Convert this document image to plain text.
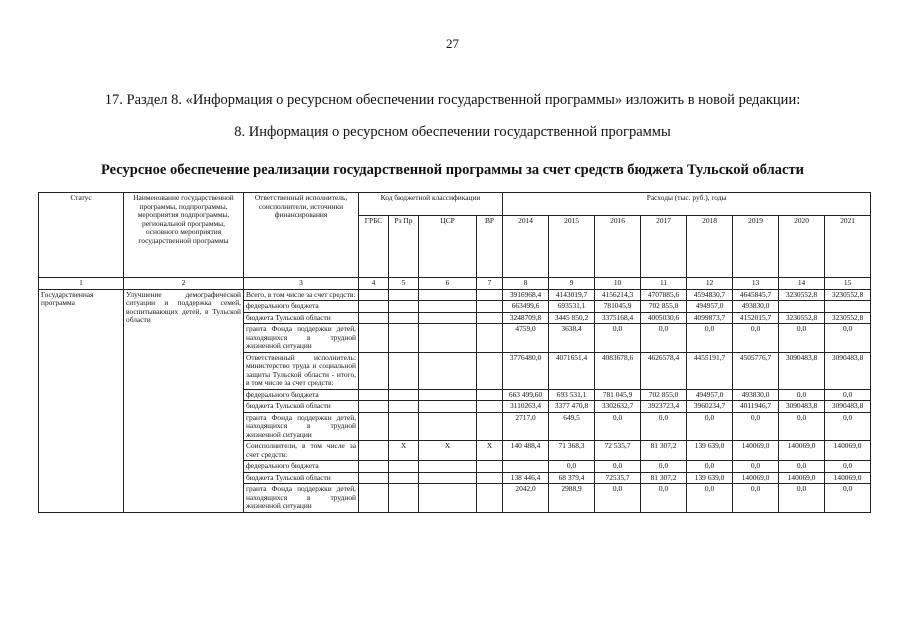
27
17. Раздел 8. «Информация о ресурсном обеспечении государственной программы» изложить в новой редакции:
8. Информация о ресурсном обеспечении государственной программы
Ресурсное обеспечение реализации государственной программы за счет средств бюджета Тульской области
Статус	Наименование государственной программы, подпрограммы, мероприятия подпрограммы, региональной программы, основного мероприятия государственной программы	Ответственный исполнитель, соисполнители, источники финансирования	Код бюджетной классификации				Расходы (тыс. руб.), годы							
			ГРБС	Рз Пр	ЦСР	ВР	2014	2015	2016	2017	2018	2019	2020	2021
1	2	3	4	5	6	7	8	9	10	11	12	13	14	15
Государственная программа	Улучшение демографической ситуации и поддержка семей, воспитывающих детей, в Тульской области	Всего, в том числе за счет средств:					3916968,4	4143019,7	4156214,3	4707885,6	4594830,7	4645845,7	3230552,8	3230552,8
		федерального бюджета					663499,6	693531,1	781045,9	702 855,0	494957,0	493830,0		
		бюджета Тульской области					3248709,8	3445 850,2	3375168,4	4005030,6	4099873,7	4152015,7	3230552,8	3230552,8
		гранта Фонда поддержки детей, находящихся в трудной жизненной ситуации					4759,0	3638,4	0,0	0,0	0,0	0,0	0,0	0,0
		Ответственный исполнитель: министерство труда и социальной защиты Тульской области - итого, в том числе за счет средств:					3776480,0	4071651,4	4083678,6	4626578,4	4455191,7	4505776,7	3090483,8	3090483,8
		федерального бюджета					663 499,60	693 531,1	781 045,9	702 855,0	494957,0	493830,0	0,0	0,0
		бюджета Тульской области					3110263,4	3377 470,8	3302632,7	3923723,4	3960234,7	4011946,7	3090483,8	3090483,8
		гранта Фонда поддержки детей, находящихся в трудной жизненной ситуации					2717,0	649,5	0,0	0,0	0,0	0,0	0,0	0,0
		Соисполнители, в том числе за счет средств:		X	X	X	140 488,4	71 368,3	72 535,7	81 307,2	139 639,0	140069,0	140069,0	140069,0
		федерального бюджета						0,0	0,0	0,0	0,0	0,0	0,0	0,0
		бюджета Тульской области					138 446,4	68 379,4	72535,7	81 307,2	139 639,0	140069,0	140069,0	140069,0
		гранта Фонда поддержки детей, находящихся в трудной жизненной ситуации					2042,0	2988,9	0,0	0,0	0,0	0,0	0,0	0,0
